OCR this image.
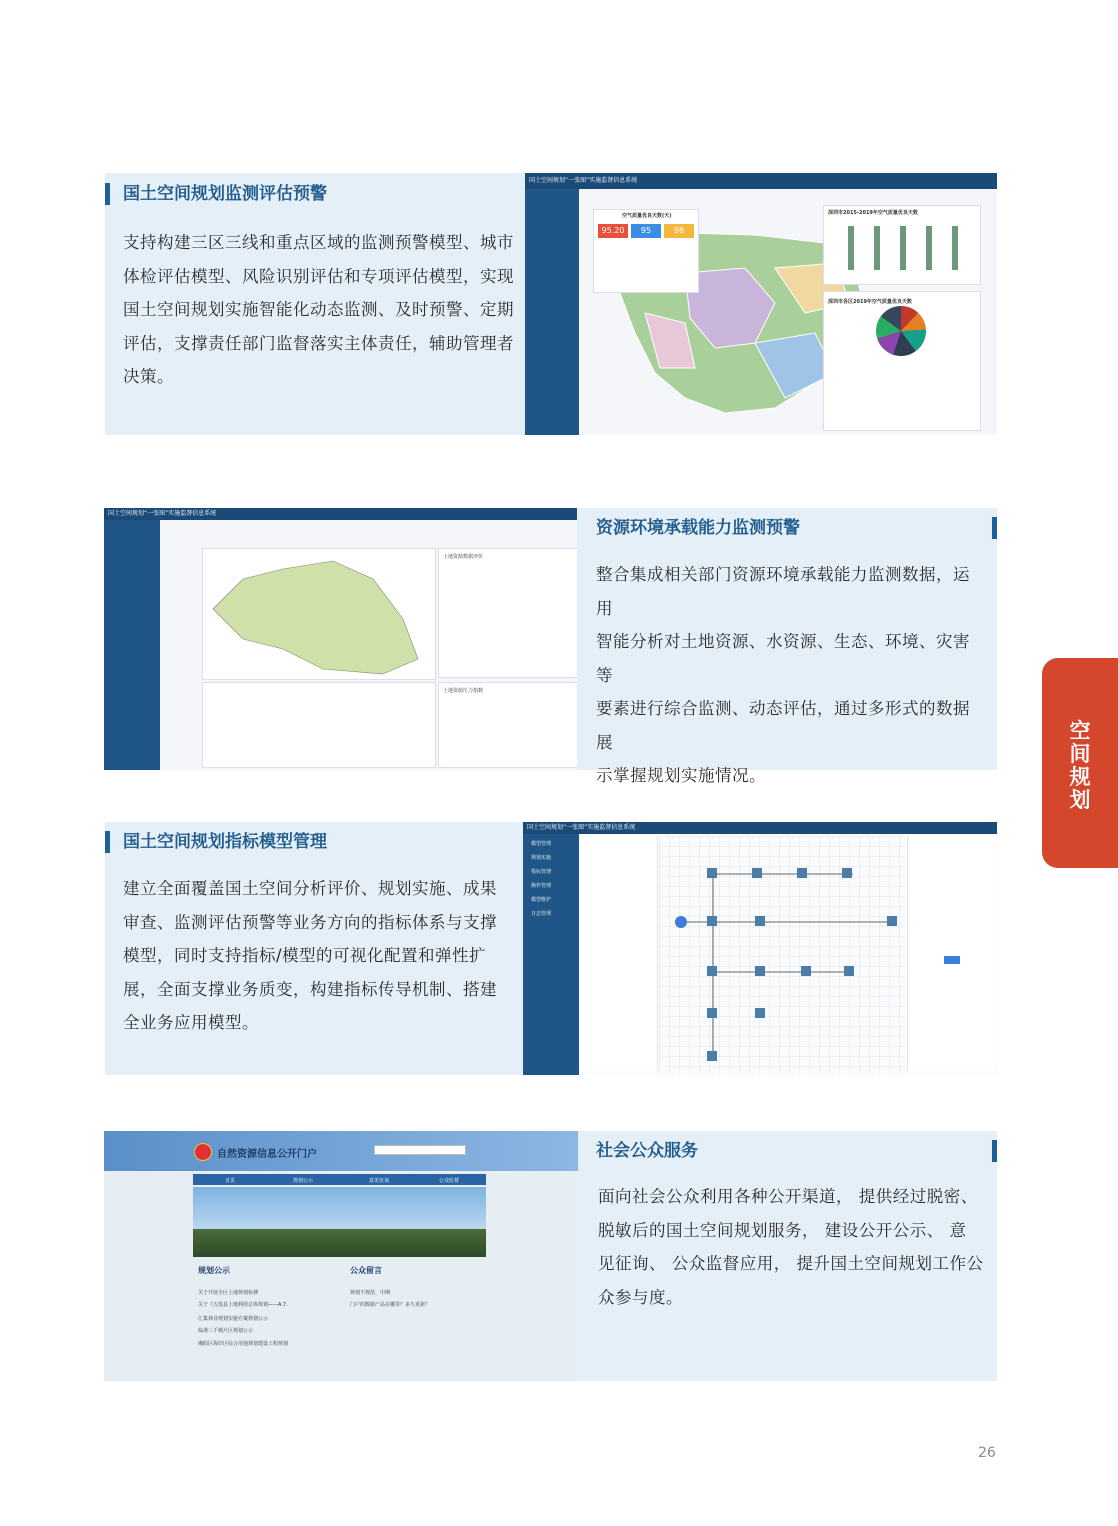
国土空间规划监测评估预警
支持构建三区三线和重点区域的监测预警模型、城市
体检评估模型、风险识别评估和专项评估模型，实现
国土空间规划实施智能化动态监测、及时预警、定期
评估，支撑责任部门监督落实主体责任，辅助管理者
决策。
国土空间规划“一张图”实施监督信息系统
空气质量优良天数(天)
95.20	95	98
深圳市2015-2019年空气质量优良天数
深圳市各区2019年空气质量优良天数
国土空间规划“一张图”实施监督信息系统
土地资源数据评价
土地资源压力指数
资源环境承载能力监测预警
整合集成相关部门资源环境承载能力监测数据，运用
智能分析对土地资源、水资源、生态、环境、灾害等
要素进行综合监测、动态评估，通过多形式的数据展
示掌握规划实施情况。
空
间
规
划
国土空间规划指标模型管理
建立全面覆盖国土空间分析评价、规划实施、成果
审查、监测评估预警等业务方向的指标体系与支撑
模型，同时支持指标/模型的可视化配置和弹性扩
展，全面支撑业务质变，构建指标传导机制、搭建
全业务应用模型。
国土空间规划“一张图”实施监督信息系统
模型管理
规划实施
指标管理
操作管理
模型维护
日志管理
自然资源信息公开门户
首页	规划公示	意见征询	公众监督
规划公示	公众留言
关于开展全区土地规划检测
关于《五莲县土地利用总体规划——A.7.
汇集林业规划实施方案规划公示
临港三千城片区规划公示
湘阳区海岸区综合用地规划建设工程规划
规划不规范、中期
门户的数据产品在哪里？多久更新？
社会公众服务
面向社会公众利用各种公开渠道， 提供经过脱密、
脱敏后的国土空间规划服务， 建设公开公示、 意
见征询、 公众监督应用， 提升国土空间规划工作公
众参与度。
26
